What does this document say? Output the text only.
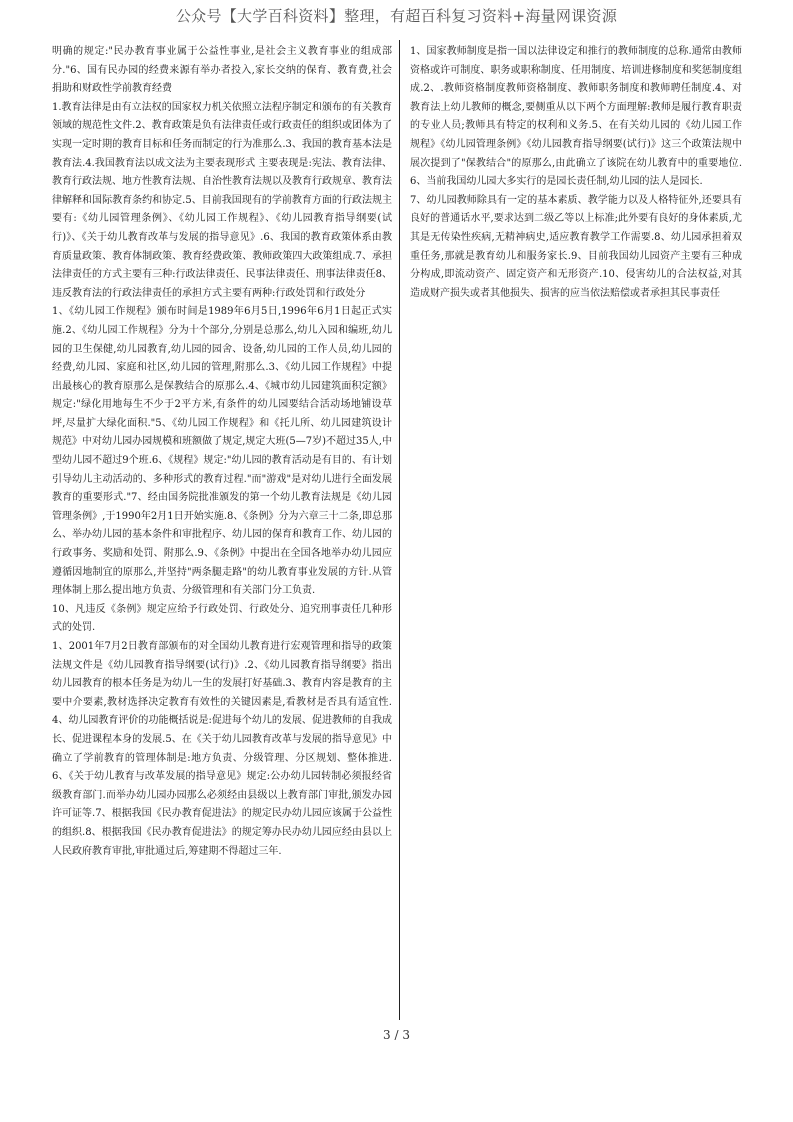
公众号【大学百科资料】整理，有超百科复习资料+海量网课资源

明确的规定:"民办教育事业属于公益性事业,是社会主义教育事业的组成部分."6、国有民办园的经费来源有举办者投入,家长交纳的保育、教育费,社会捐助和财政性学前教育经费

1.教育法律是由有立法权的国家权力机关依照立法程序制定和颁布的有关教育领域的规范性文件.2、教育政策是负有法律责任或行政责任的组织或团体为了实现一定时期的教育目标和任务而制定的行为准那么.3、我国的教育基本法是教育法.4.我国教育法以成文法为主要表现形式 主要表现是:宪法、教育法律、教育行政法规、地方性教育法规、自治性教育法规以及教育行政规章、教育法律解释和国际教育条约和协定.5、目前我国现有的学前教育方面的行政法规主要有:《幼儿园管理条例》、《幼儿园工作规程》、《幼儿园教育指导纲要(试行)》、《关于幼儿教育改革与发展的指导意见》.6、我国的教育政策体系由教育质量政策、教育体制政策、教育经费政策、教师政策四大政策组成.7、承担法律责任的方式主要有三种:行政法律责任、民事法律责任、刑事法律责任8、违反教育法的行政法律责任的承担方式主要有两种:行政处罚和行政处分

1、《幼儿园工作规程》颁布时间是1989年6月5日,1996年6月1日起正式实施.2、《幼儿园工作规程》分为十个部分,分别是总那么,幼儿入园和编班,幼儿园的卫生保健,幼儿园教育,幼儿园的园舍、设备,幼儿园的工作人员,幼儿园的经费,幼儿园、家庭和社区,幼儿园的管理,附那么.3、《幼儿园工作规程》中提出最核心的教育原那么是保教结合的原那么.4、《城市幼儿园建筑面积定额》规定:"绿化用地每生不少于2平方米,有条件的幼儿园要结合活动场地铺设草坪,尽量扩大绿化面积."5、《幼儿园工作规程》和《托儿所、幼儿园建筑设计规范》中对幼儿园办园规模和班额做了规定,规定大班(5—7岁)不超过35人,中型幼儿园不超过9个班.6、《规程》规定:"幼儿园的教育活动是有目的、有计划引导幼儿主动活动的、多种形式的教育过程."而"游戏"是对幼儿进行全面发展教育的重要形式."7、经由国务院批准颁发的第一个幼儿教育法规是《幼儿园管理条例》,于1990年2月1日开始实施.8、《条例》分为六章三十二条,即总那么、举办幼儿园的基本条件和审批程序、幼儿园的保育和教育工作、幼儿园的行政事务、奖励和处罚、附那么.9、《条例》中提出在全国各地举办幼儿园应遵循因地制宜的原那么,并坚持"两条腿走路"的幼儿教育事业发展的方针.从管理体制上那么提出地方负责、分级管理和有关部门分工负责.

10、凡违反《条例》规定应给予行政处罚、行政处分、追究刑事责任几种形式的处罚.

1、2001年7月2日教育部颁布的对全国幼儿教育进行宏观管理和指导的政策法规文件是《幼儿园教育指导纲要(试行)》.2、《幼儿园教育指导纲要》指出幼儿园教育的根本任务是为幼儿一生的发展打好基础.3、教育内容是教育的主要中介要素,教材选择决定教育有效性的关键因素是,看教材是否具有适宜性.4、幼儿园教育评价的功能概括说是:促进每个幼儿的发展、促进教师的自我成长、促进课程本身的发展.5、在《关于幼儿园教育改革与发展的指导意见》中确立了学前教育的管理体制是:地方负责、分级管理、分区规划、整体推进.6、《关于幼儿教育与改革发展的指导意见》规定:公办幼儿园转制必须报经省级教育部门.而举办幼儿园办园那么必须经由县级以上教育部门审批,颁发办园许可证等.7、根据我国《民办教育促进法》的规定民办幼儿园应该属于公益性的组织.8、根据我国《民办教育促进法》的规定筹办民办幼儿园应经由县以上人民政府教育审批,审批通过后,筹建期不得超过三年.

1、国家教师制度是指一国以法律设定和推行的教师制度的总称.通常由教师资格或许可制度、职务或职称制度、任用制度、培训进修制度和奖惩制度组成.2、.教师资格制度教师资格制度、教师职务制度和教师聘任制度.4、对教育法上幼儿教师的概念,要侧重从以下两个方面理解:教师是履行教育职责的专业人员;教师具有特定的权利和义务.5、在有关幼儿园的《幼儿园工作规程》《幼儿园管理条例》《幼儿园教育指导纲要(试行)》这三个政策法规中展次提到了"保教结合"的原那么,由此确立了该院在幼儿教育中的重要地位.6、当前我国幼儿园大多实行的是园长责任制,幼儿园的法人是园长.

7、幼儿园教师除具有一定的基本素质、教学能力以及人格特征外,还要具有良好的普通话水平,要求达到二级乙等以上标准;此外要有良好的身体素质,尤其是无传染性疾病,无精神病史,适应教育教学工作需要.8、幼儿园承担着双重任务,那就是教育幼儿和服务家长.9、目前我国幼儿园资产主要有三种成分构成,即流动资产、固定资产和无形资产.10、侵害幼儿的合法权益,对其造成财产损失或者其他损失、损害的应当依法赔偿或者承担其民事责任

3 / 3
